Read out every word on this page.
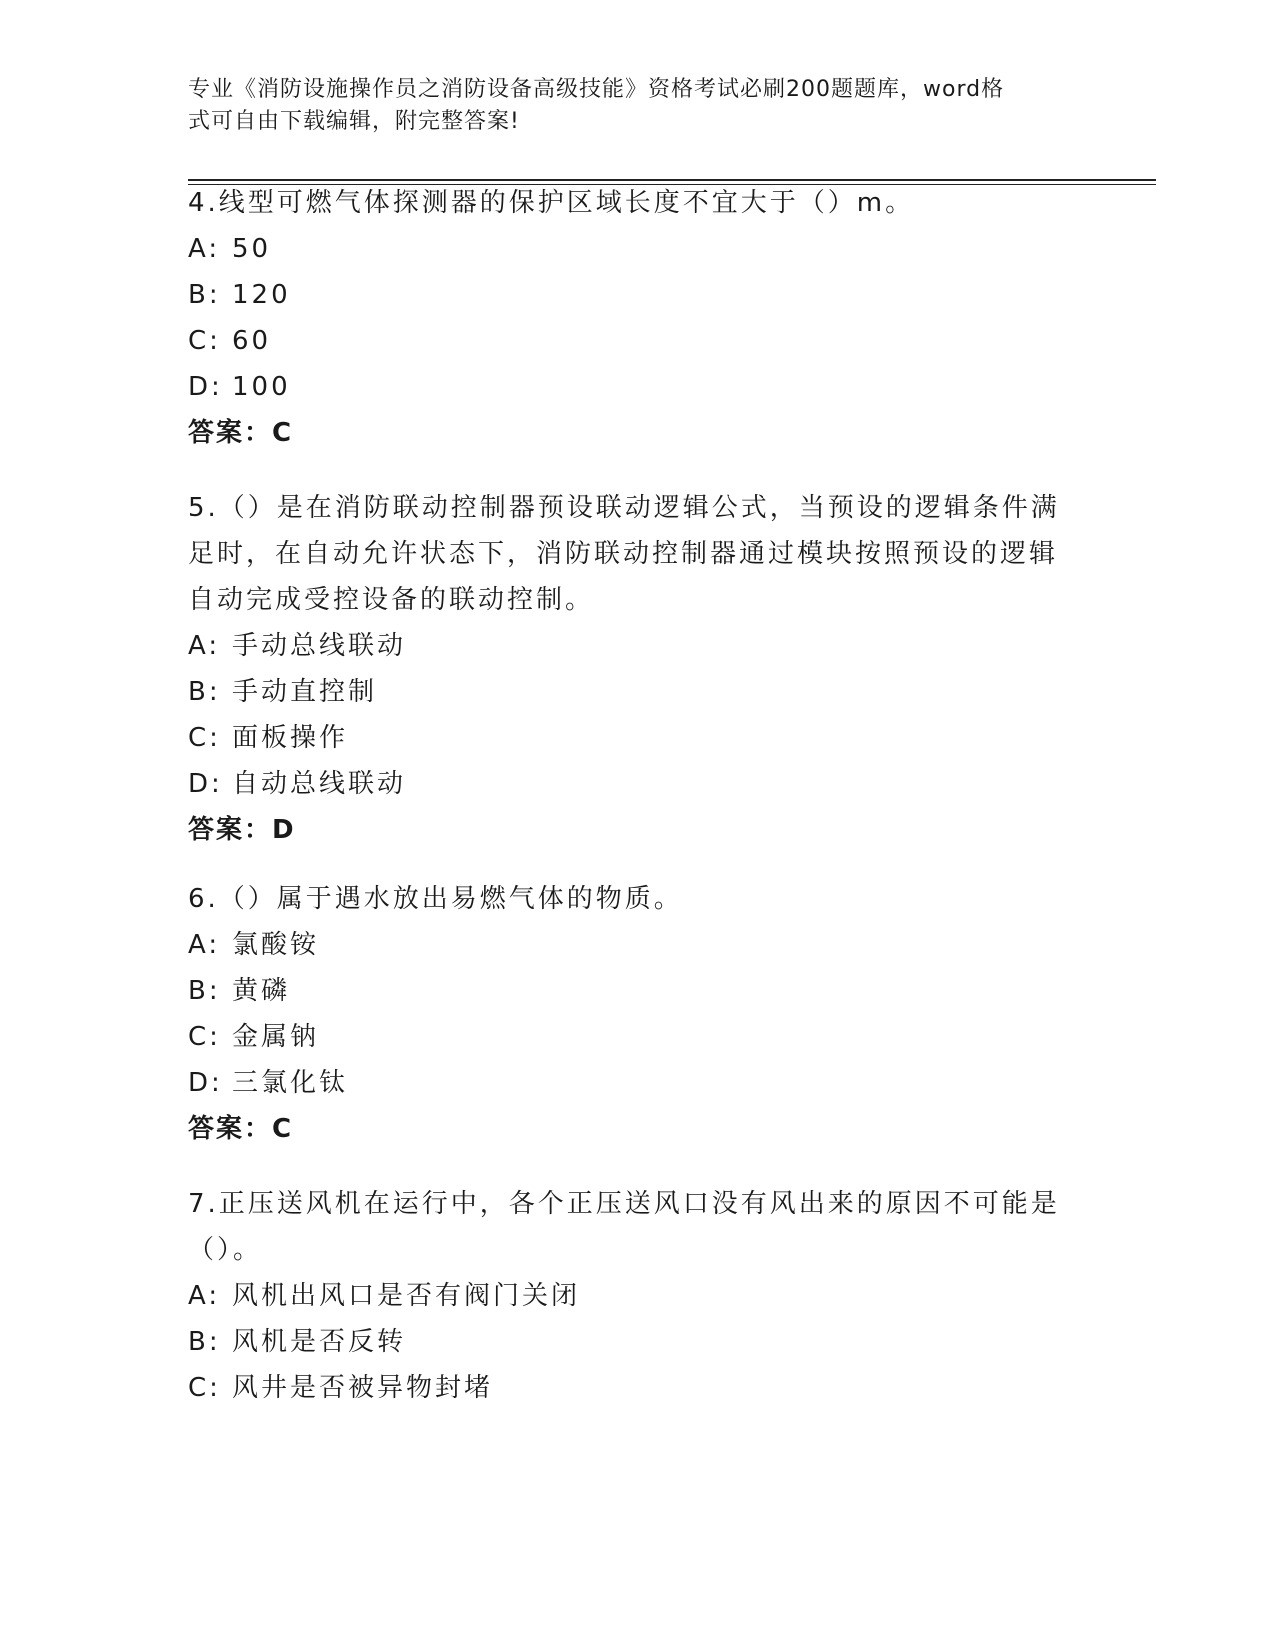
专业《消防设施操作员之消防设备高级技能》资格考试必刷200题题库，word格
式可自由下载编辑，附完整答案!
4.线型可燃气体探测器的保护区域长度不宜大于（）m。
A: 50
B: 120
C: 60
D: 100
答案：C
5.（）是在消防联动控制器预设联动逻辑公式，当预设的逻辑条件满
足时，在自动允许状态下，消防联动控制器通过模块按照预设的逻辑
自动完成受控设备的联动控制。
A: 手动总线联动
B: 手动直控制
C: 面板操作
D: 自动总线联动
答案：D
6.（）属于遇水放出易燃气体的物质。
A: 氯酸铵
B: 黄磷
C: 金属钠
D: 三氯化钛
答案：C
7.正压送风机在运行中，各个正压送风口没有风出来的原因不可能是
（）。
A: 风机出风口是否有阀门关闭
B: 风机是否反转
C: 风井是否被异物封堵
